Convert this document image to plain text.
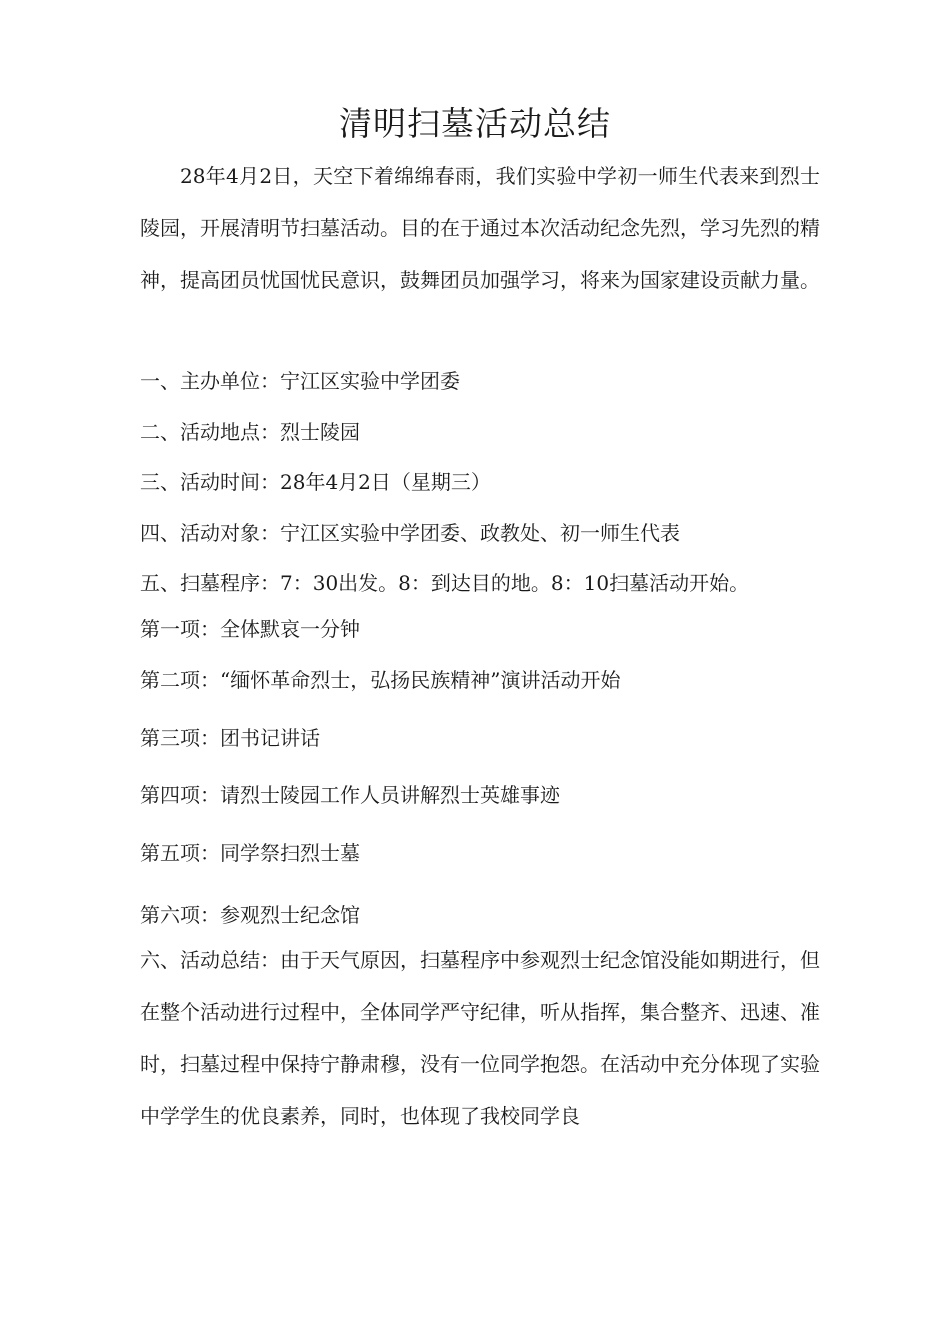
清明扫墓活动总结

28年4月2日，天空下着绵绵春雨，我们实验中学初一师生代表来到烈士陵园，开展清明节扫墓活动。目的在于通过本次活动纪念先烈，学习先烈的精神，提高团员忧国忧民意识，鼓舞团员加强学习，将来为国家建设贡献力量。

一、主办单位：宁江区实验中学团委

二、活动地点：烈士陵园

三、活动时间：28年4月2日（星期三）

四、活动对象：宁江区实验中学团委、政教处、初一师生代表

五、扫墓程序：7：30出发。8：到达目的地。8：10扫墓活动开始。

第一项：全体默哀一分钟

第二项：“缅怀革命烈士，弘扬民族精神”演讲活动开始

第三项：团书记讲话

第四项：请烈士陵园工作人员讲解烈士英雄事迹

第五项：同学祭扫烈士墓

第六项：参观烈士纪念馆

六、活动总结：由于天气原因，扫墓程序中参观烈士纪念馆没能如期进行，但在整个活动进行过程中，全体同学严守纪律，听从指挥，集合整齐、迅速、准时，扫墓过程中保持宁静肃穆，没有一位同学抱怨。在活动中充分体现了实验中学学生的优良素养，同时，也体现了我校同学良
